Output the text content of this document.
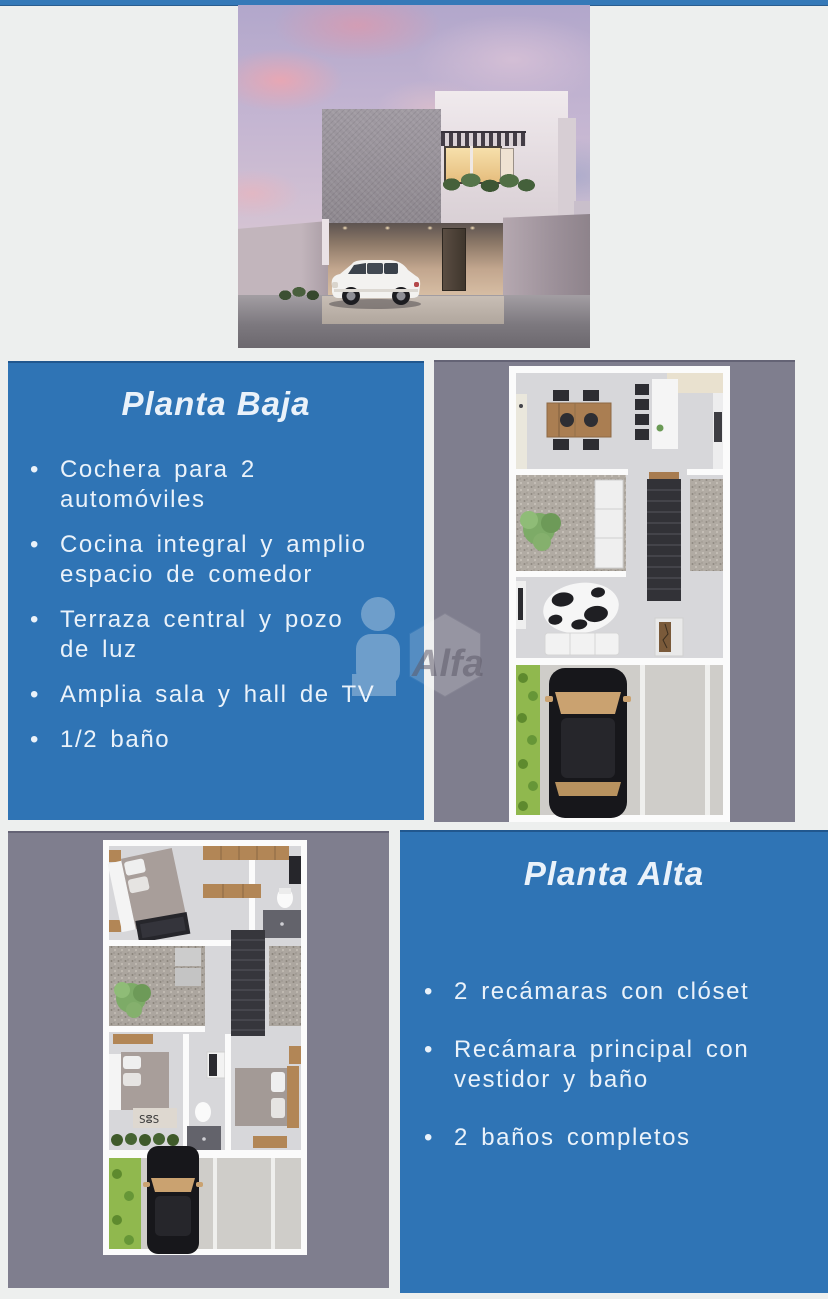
Planta Baja
• Cochera para 2
automóviles
• Cocina integral y amplio
espacio de comedor
• Terraza central y pozo
de luz
• Amplia sala y hall de TV
• 1/2 baño
SⵓS
Planta Alta
• 2 recámaras con clóset
• Recámara principal con
vestidor y baño
• 2 baños completos
Alfa
